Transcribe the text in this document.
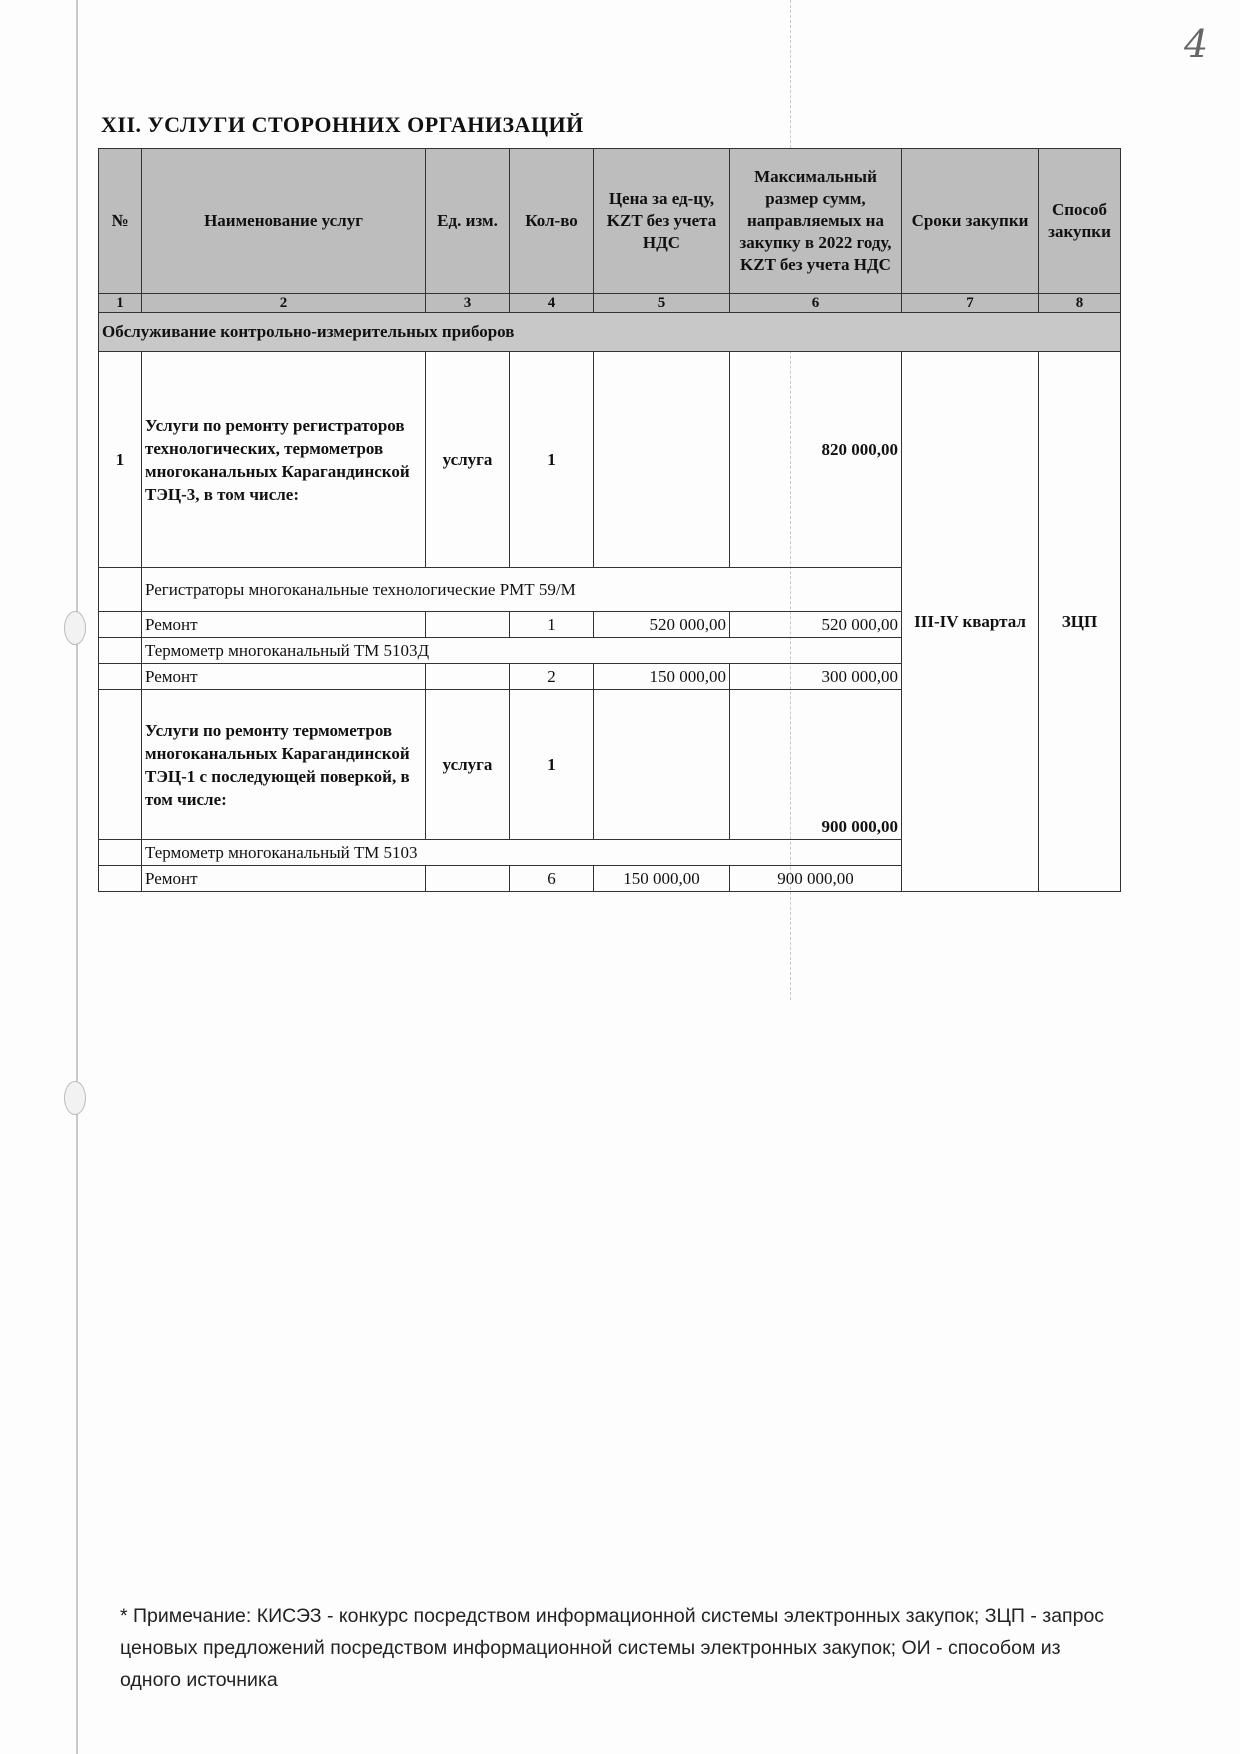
4
XII. УСЛУГИ СТОРОННИХ ОРГАНИЗАЦИЙ
№	Наименование услуг	Ед. изм.	Кол-во	Цена за ед-цу, KZT без учета НДС	Максимальный размер сумм, направляемых на закупку в 2022 году, KZT без учета НДС	Сроки закупки	Способ закупки
1	2	3	4	5	6	7	8
Обслуживание контрольно-измерительных приборов							
1	Услуги по ремонту регистраторов технологических, термометров многоканальных Карагандинской ТЭЦ-3, в том числе:	услуга	1		820 000,00	III-IV квартал	ЗЦП
	Регистраторы многоканальные технологические РМТ 59/М						
	Ремонт		1	520 000,00	520 000,00		
	Термометр многоканальный ТМ 5103Д						
	Ремонт		2	150 000,00	300 000,00		
	Услуги по ремонту термометров многоканальных Карагандинской ТЭЦ-1 с последующей поверкой, в том числе:	услуга	1		900 000,00		
	Термометр многоканальный ТМ 5103						
	Ремонт		6	150 000,00	900 000,00		
* Примечание: КИСЭЗ - конкурс посредством информационной системы электронных закупок; ЗЦП - запрос ценовых предложений посредством информационной системы электронных закупок; ОИ - способом из одного источника
